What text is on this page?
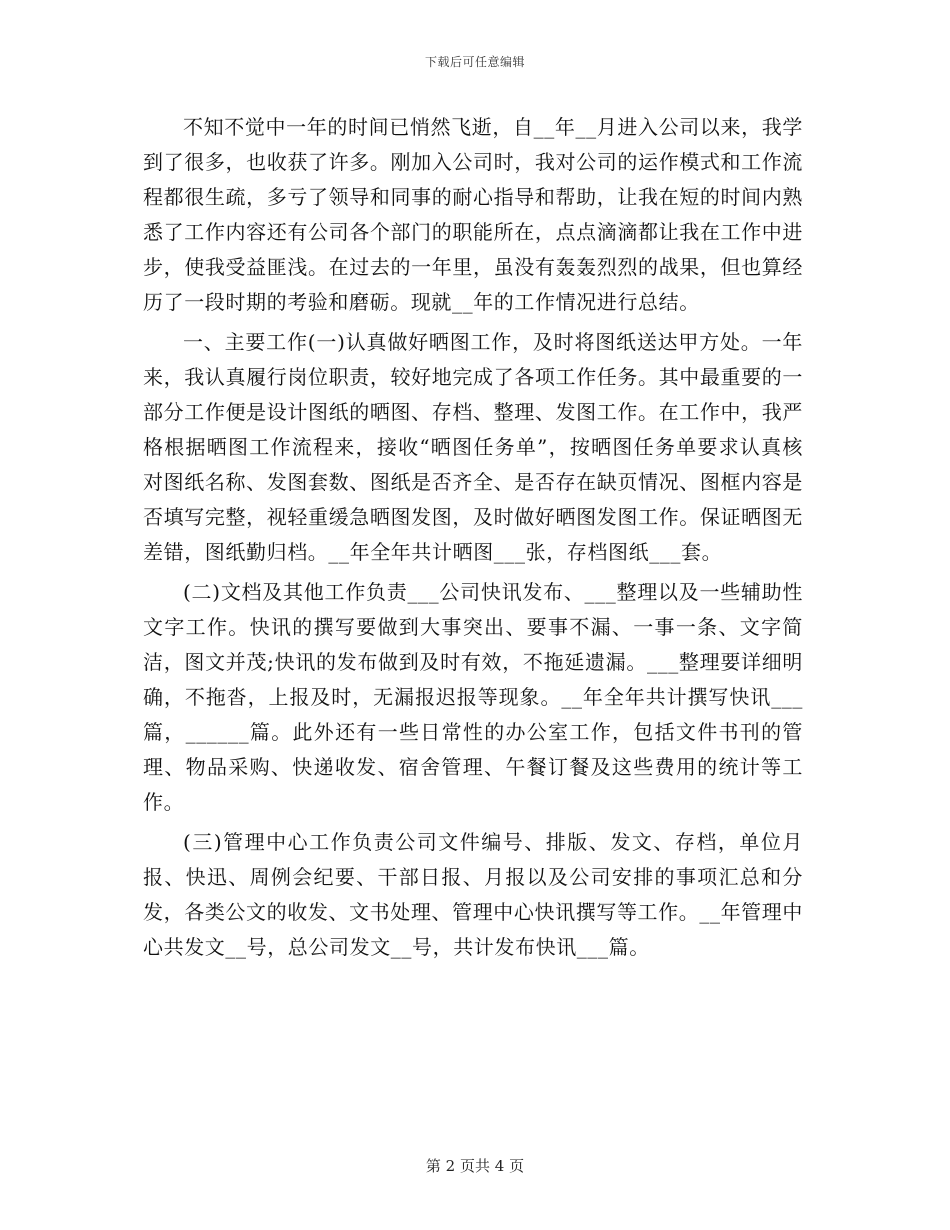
下载后可任意编辑

不知不觉中一年的时间已悄然飞逝，自__年__月进入公司以来，我学到了很多，也收获了许多。刚加入公司时，我对公司的运作模式和工作流程都很生疏，多亏了领导和同事的耐心指导和帮助，让我在短的时间内熟悉了工作内容还有公司各个部门的职能所在，点点滴滴都让我在工作中进步，使我受益匪浅。在过去的一年里，虽没有轰轰烈烈的战果，但也算经历了一段时期的考验和磨砺。现就__年的工作情况进行总结。

一、主要工作(一)认真做好晒图工作，及时将图纸送达甲方处。一年来，我认真履行岗位职责，较好地完成了各项工作任务。其中最重要的一部分工作便是设计图纸的晒图、存档、整理、发图工作。在工作中，我严格根据晒图工作流程来，接收“晒图任务单”，按晒图任务单要求认真核对图纸名称、发图套数、图纸是否齐全、是否存在缺页情况、图框内容是否填写完整，视轻重缓急晒图发图，及时做好晒图发图工作。保证晒图无差错，图纸勤归档。__年全年共计晒图___张，存档图纸___套。

(二)文档及其他工作负责___公司快讯发布、___整理以及一些辅助性文字工作。快讯的撰写要做到大事突出、要事不漏、一事一条、文字简洁，图文并茂;快讯的发布做到及时有效，不拖延遗漏。___整理要详细明确，不拖沓，上报及时，无漏报迟报等现象。__年全年共计撰写快讯___篇，______篇。此外还有一些日常性的办公室工作，包括文件书刊的管理、物品采购、快递收发、宿舍管理、午餐订餐及这些费用的统计等工作。

(三)管理中心工作负责公司文件编号、排版、发文、存档，单位月报、快迅、周例会纪要、干部日报、月报以及公司安排的事项汇总和分发，各类公文的收发、文书处理、管理中心快讯撰写等工作。__年管理中心共发文__号，总公司发文__号，共计发布快讯___篇。

第 2 页共 4 页
